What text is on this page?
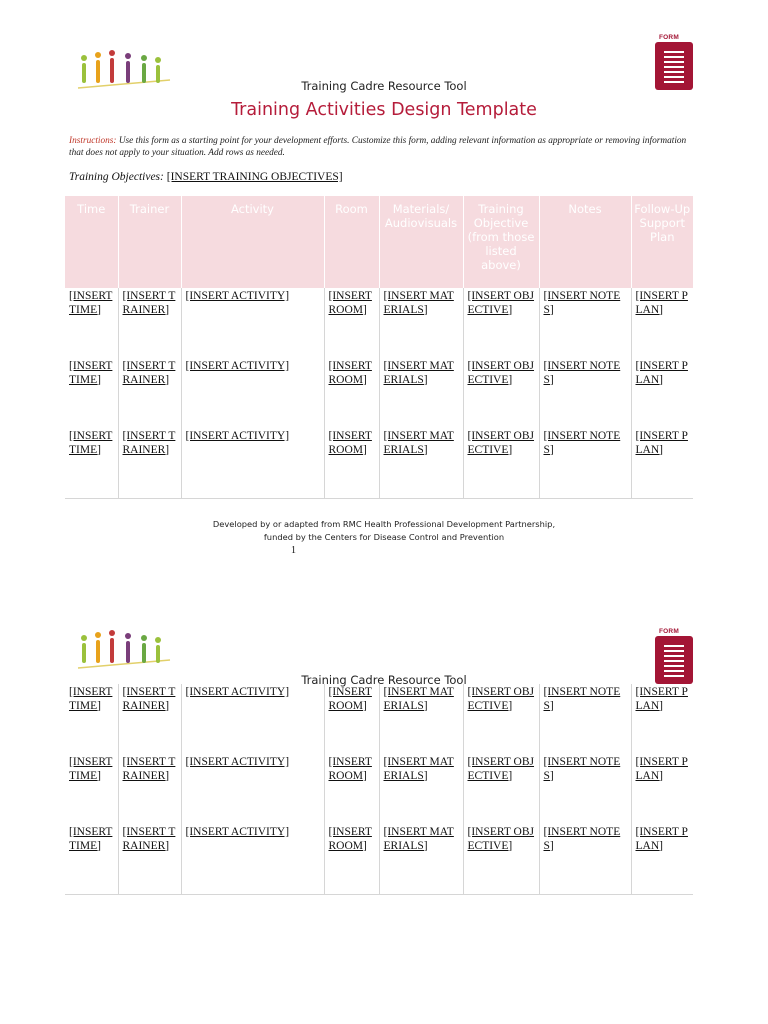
FORM
Training Cadre Resource Tool
Training Activities Design Template
Instructions: Use this form as a starting point for your development efforts. Customize this form, adding relevant information as appropriate or removing information that does not apply to your situation. Add rows as needed.
Training Objectives: [INSERT TRAINING OBJECTIVES]
Time	Trainer	Activity	Room	Materials/ Audiovisuals	Training Objective (from those listed above)	Notes	Follow-Up Support Plan
[INSERT TIME]	[INSERT TRAINER]	[INSERT ACTIVITY]	[INSERT ROOM]	[INSERT MATERIALS]	[INSERT OBJECTIVE]	[INSERT NOTES]	[INSERT PLAN]
[INSERT TIME]	[INSERT TRAINER]	[INSERT ACTIVITY]	[INSERT ROOM]	[INSERT MATERIALS]	[INSERT OBJECTIVE]	[INSERT NOTES]	[INSERT PLAN]
[INSERT TIME]	[INSERT TRAINER]	[INSERT ACTIVITY]	[INSERT ROOM]	[INSERT MATERIALS]	[INSERT OBJECTIVE]	[INSERT NOTES]	[INSERT PLAN]
Developed by or adapted from RMC Health Professional Development Partnership,
funded by the Centers for Disease Control and Prevention
1
FORM
Training Cadre Resource Tool
[INSERT TIME]	[INSERT TRAINER]	[INSERT ACTIVITY]	[INSERT ROOM]	[INSERT MATERIALS]	[INSERT OBJECTIVE]	[INSERT NOTES]	[INSERT PLAN]
[INSERT TIME]	[INSERT TRAINER]	[INSERT ACTIVITY]	[INSERT ROOM]	[INSERT MATERIALS]	[INSERT OBJECTIVE]	[INSERT NOTES]	[INSERT PLAN]
[INSERT TIME]	[INSERT TRAINER]	[INSERT ACTIVITY]	[INSERT ROOM]	[INSERT MATERIALS]	[INSERT OBJECTIVE]	[INSERT NOTES]	[INSERT PLAN]
